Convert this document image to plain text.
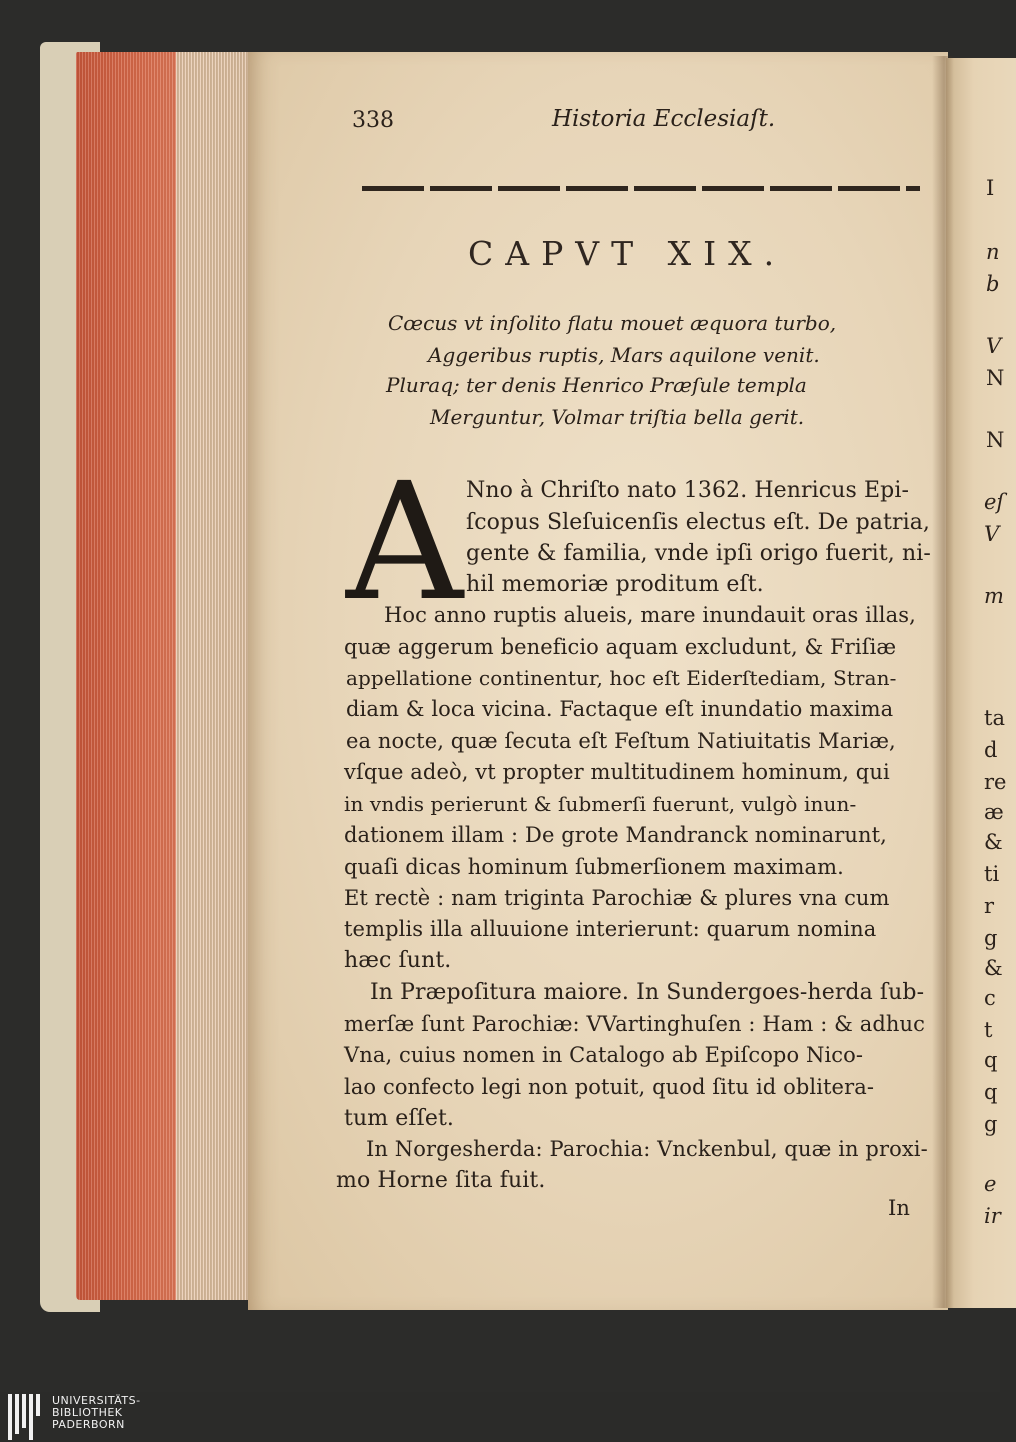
338	Historia Ecclesiaſt.
CAPVT XIX.
Cœcus vt inſolito flatu mouet æquora turbo,
Aggeribus ruptis, Mars aquilone venit.
Pluraq; ter denis Henrico Præſule templa
Merguntur, Volmar triſtia bella gerit.
A Nno à Chriſto nato 1362. Henricus Epi-
ſcopus Sleſuicenſis electus eſt. De patria,
gente & familia, vnde ipſi origo fuerit, ni-
hil memoriæ proditum eſt.
Hoc anno ruptis alueis, mare inundauit oras illas,
quæ aggerum beneficio aquam excludunt, & Friſiæ
appellatione continentur, hoc eſt Eiderſtediam, Stran-
diam & loca vicina. Factaque eſt inundatio maxima
ea nocte, quæ ſecuta eſt Feſtum Natiuitatis Mariæ,
vſque adeò, vt propter multitudinem hominum, qui
in vndis perierunt & ſubmerſi fuerunt, vulgò inun-
dationem illam : De grote Mandranck nominarunt,
quaſi dicas hominum ſubmerſionem maximam.
Et rectè : nam triginta Parochiæ & plures vna cum
templis illa alluuione interierunt: quarum nomina
hæc ſunt.
In Præpoſitura maiore. In Sundergoes-herda ſub-
merſæ ſunt Parochiæ: VVartinghuſen : Ham : & adhuc
Vna, cuius nomen in Catalogo ab Epiſcopo Nico-
lao confecto legi non potuit, quod ſitu id oblitera-
tum eſſet.
In Norgesherda: Parochia: Vnckenbul, quæ in proxi-
mo Horne ſita fuit.
In
I
n
b
V
N
N
eſ
V
m
ta
d
re
æ
&
ti
r
g
&
c
t
q
q
g
e
ir
UNIVERSITÄTS-
BIBLIOTHEK
PADERBORN
